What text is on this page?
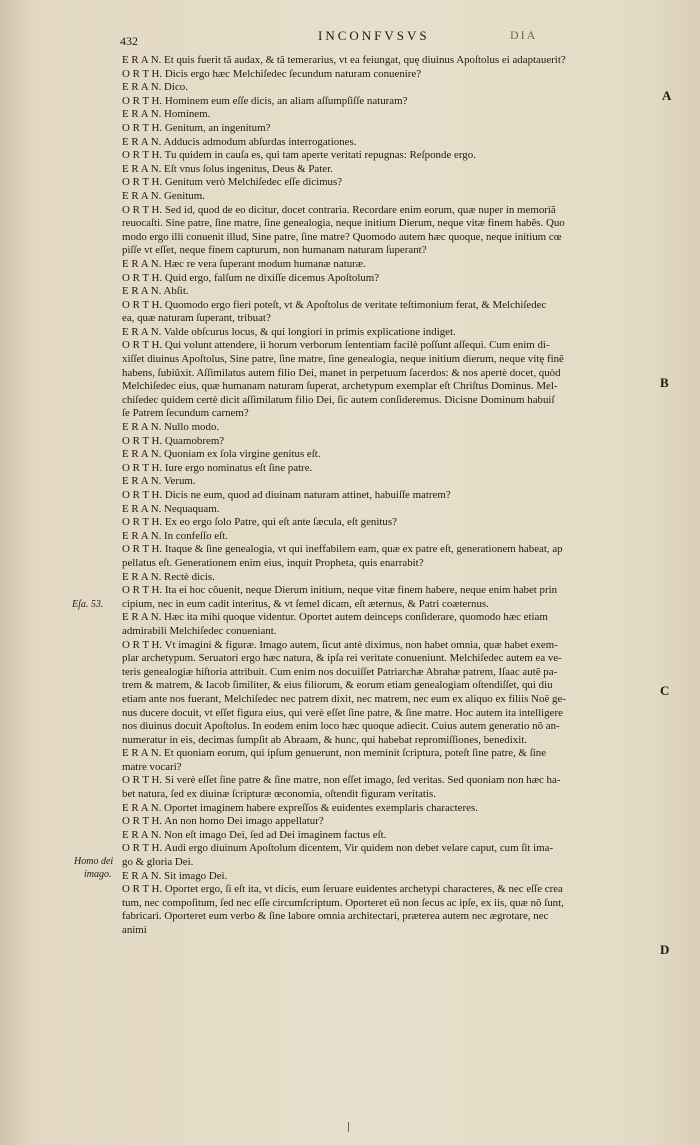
432	INCONFVSVS	DIA
E R A N. Et quis fuerit tã audax, & tã temerarius, vt ea feiungat, quę diuinus Apoſtolus ei adaptauerit?
O R T H. Dicis ergo hæc Melchiſedec ſecundum naturam conuenire?
E R A N. Dico.
O R T H. Hominem eum eſſe dicis, an aliam aſſumpſiſſe naturam?
E R A N. Hominem.
O R T H. Genitum, an ingenitum?
E R A N. Adducis admodum abſurdas interrogationes.
O R T H. Tu quidem in cauſa es, qui tam aperte veritati repugnas: Reſponde ergo.
E R A N. Eſt vnus ſolus ingenitus, Deus & Pater.
O R T H. Genitum verò Melchiſedec eſſe dicimus?
E R A N. Genitum.
O R T H. Sed id, quod de eo dicitur, docet contraria. Recordare enim eorum, quæ nuper in memoriã
reuocaſti. Sine patre, ſine matre, ſine genealogia, neque initium Dierum, neque vitæ finem habẽs. Quo
modo ergo illi conuenit illud, Sine patre, ſine matre? Quomodo autem hæc quoque, neque initium cœ
piſſe vt eſſet, neque finem capturum, non humanam naturam ſuperant?
E R A N. Hæc re vera ſuperant modum humanæ naturæ.
O R T H. Quid ergo, falſum ne dixiſſe dicemus Apoſtolum?
E R A N. Abſit.
O R T H. Quomodo ergo fieri poteſt, vt & Apoſtolus de veritate teſtimonium ferat, & Melchiſedec
ea, quæ naturam ſuperant, tribuat?
E R A N. Valde obſcurus locus, & qui longiori in primis explicatione indiget.
O R T H. Qui volunt attendere, ii horum verborum ſententiam facilè poſſunt aſſequi. Cum enim di-
xiſſet diuinus Apoſtolus, Sine patre, ſine matre, ſine genealogia, neque initium dierum, neque vitę finẽ
habens, ſubiũxit. Aſſimilatus autem filio Dei, manet in perpetuum ſacerdos: & nos apertè docet, quòd
Melchiſedec eius, quæ humanam naturam ſuperat, archetypum exemplar eſt Chriſtus Dominus. Mel-
chiſedec quidem certè dicit aſſimilatum filio Dei, ſic autem conſideremus. Dicisne Dominum habuiſ
ſe Patrem ſecundum carnem?
E R A N. Nullo modo.
O R T H. Quamobrem?
E R A N. Quoniam ex ſola virgine genitus eſt.
O R T H. Iure ergo nominatus eſt ſine patre.
E R A N. Verum.
O R T H. Dicis ne eum, quod ad diuinam naturam attinet, habuiſſe matrem?
E R A N. Nequaquam.
O R T H. Ex eo ergo ſolo Patre, qui eſt ante ſæcula, eſt genitus?
E R A N. In confeſſo eſt.
O R T H. Itaque & ſine genealogia, vt qui ineffabilem eam, quæ ex patre eſt, generationem habeat, ap
pellatus eſt. Generationem enim eius, inquit Propheta, quis enarrabit?
E R A N. Rectè dicis.
O R T H. Ita ei hoc cõuenit, neque Dierum initium, neque vitæ finem habere, neque enim habet prin
cipium, nec in eum cadit interitus, & vt ſemel dicam, eſt æternus, & Patri coæternus.
E R A N. Hæc ita mihi quoque videntur. Oportet autem deinceps conſiderare, quomodo hæc etiam
admirabili Melchiſedec conueniant.
O R T H. Vt imagini & figuræ. Imago autem, ſicut antè diximus, non habet omnia, quæ habet exem-
plar archetypum. Seruatori ergo hæc natura, & ipſa rei veritate conueniunt. Melchiſedec autem ea ve-
teris genealogiæ hiſtoria attribuit. Cum enim nos docuiſſet Patriarchæ Abrahæ patrem, Iſaac autẽ pa-
trem & matrem, & Iacob ſimiliter, & eius filiorum, & eorum etiam genealogiam oſtendiſſet, qui diu
etiam ante nos fuerant, Melchiſedec nec patrem dixit, nec matrem, nec eum ex aliquo ex filiis Noë ge-
nus ducere docuit, vt eſſet figura eius, qui verè eſſet ſine patre, & ſine matre. Hoc autem ita intelligere
nos diuinus docuit Apoſtolus. In eodem enim loco hæc quoque adiecit. Cuius autem generatio nõ an-
numeratur in eis, decimas ſumpſit ab Abraam, & hunc, qui habebat repromiſſiones, benedixit.
E R A N. Et quoniam eorum, qui ipſum genuerunt, non meminit ſcriptura, poteſt ſine patre, & ſine
matre vocari?
O R T H. Si verè eſſet ſine patre & ſine matre, non eſſet imago, ſed veritas. Sed quoniam non hæc ha-
bet natura, ſed ex diuinæ ſcripturæ œconomia, oſtendit figuram veritatis.
E R A N. Oportet imaginem habere expreſſos & euidentes exemplaris characteres.
O R T H. An non homo Dei imago appellatur?
E R A N. Non eſt imago Dei, ſed ad Dei imaginem factus eſt.
O R T H. Audi ergo diuinum Apoſtolum dicentem, Vir quidem non debet velare caput, cum ſit ima-
go & gloria Dei.
E R A N. Sit imago Dei.
O R T H. Oportet ergo, ſi eſt ita, vt dicis, eum ſeruare euidentes archetypi characteres, & nec eſſe crea
tum, nec compoſitum, ſed nec eſſe circumſcriptum. Oporteret eũ non ſecus ac ipſe, ex iis, quæ nõ ſunt,
fabricari. Oporteret eum verbo & ſine labore omnia architectari, præterea autem nec ægrotare, nec
animi
Eſa. 53.
Homo dei
imago.
A
B
C
D
